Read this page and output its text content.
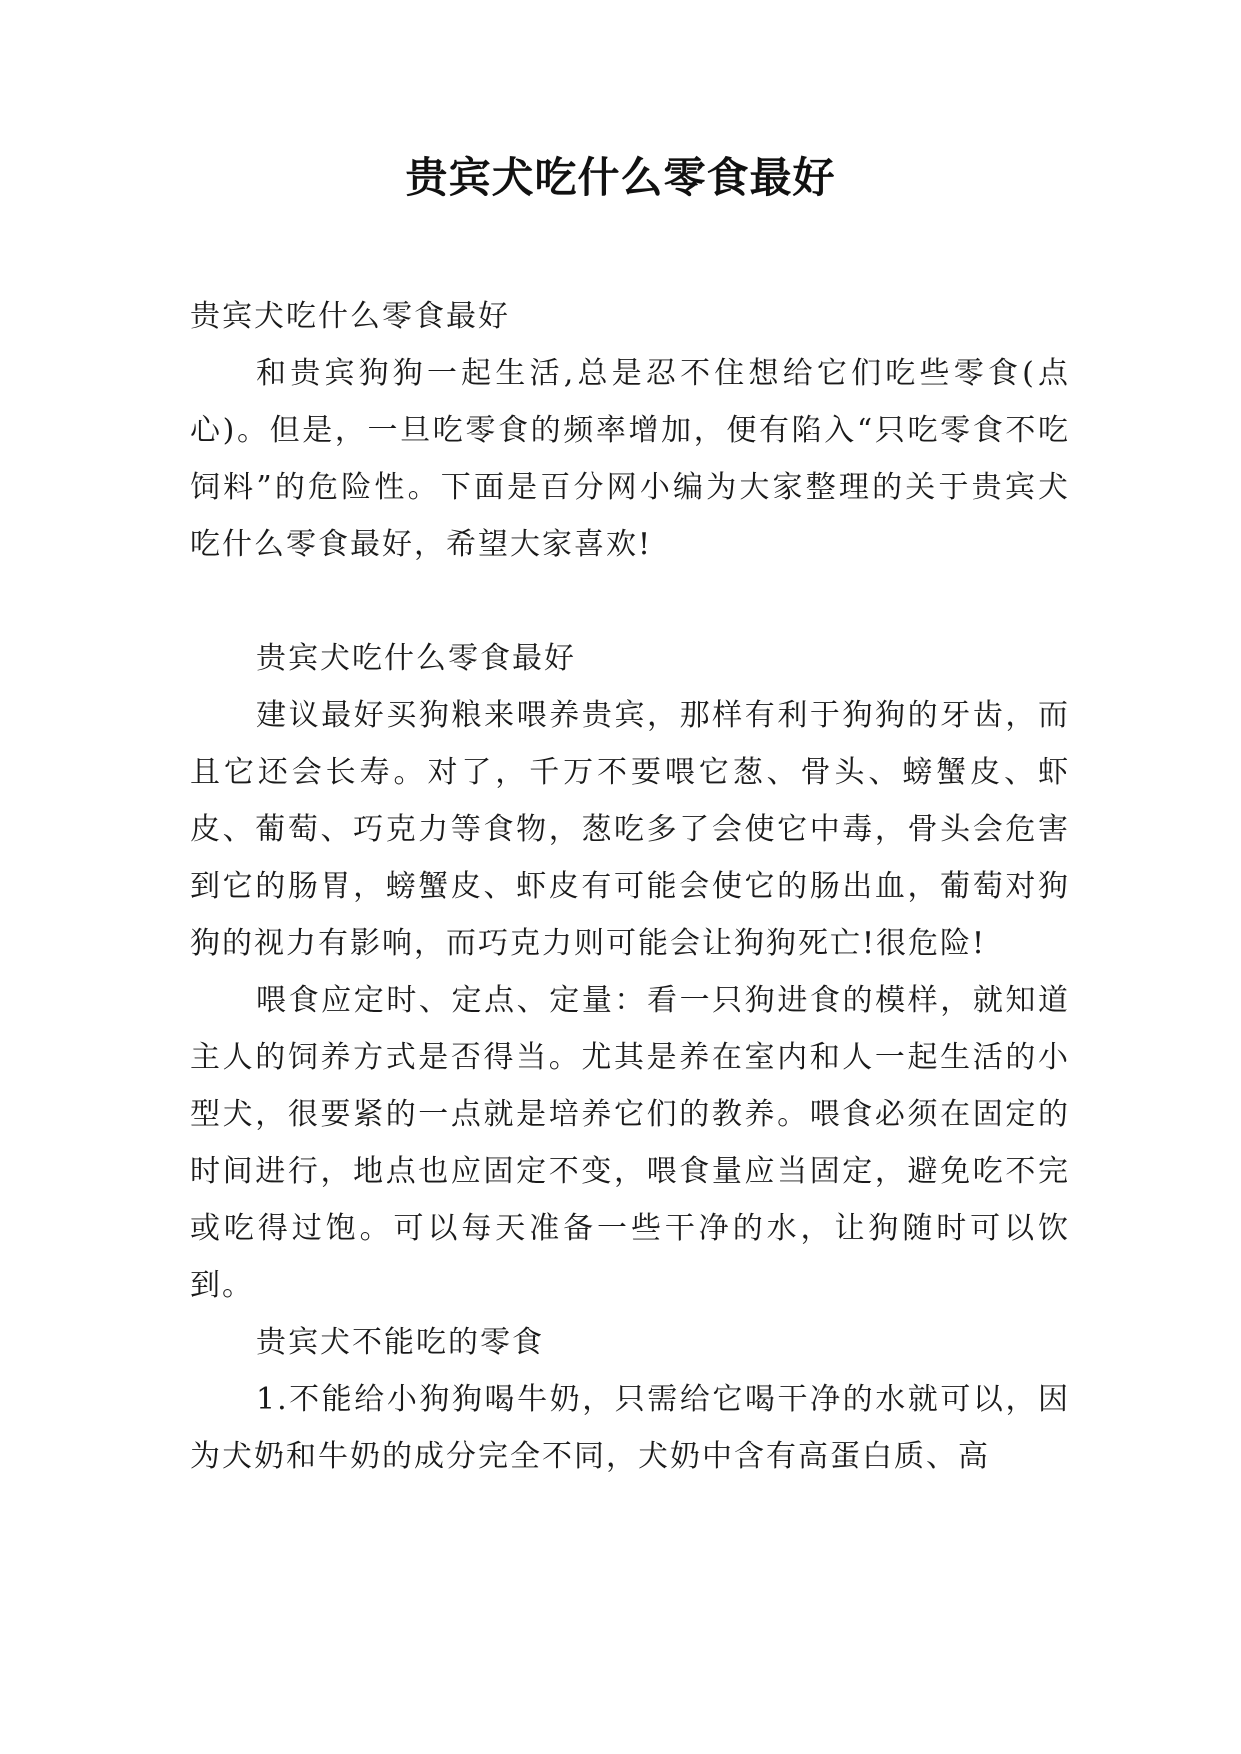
贵宾犬吃什么零食最好

贵宾犬吃什么零食最好

和贵宾狗狗一起生活,总是忍不住想给它们吃些零食(点心)。但是，一旦吃零食的频率增加，便有陷入“只吃零食不吃饲料”的危险性。下面是百分网小编为大家整理的关于贵宾犬吃什么零食最好，希望大家喜欢!

贵宾犬吃什么零食最好

建议最好买狗粮来喂养贵宾，那样有利于狗狗的牙齿，而且它还会长寿。对了，千万不要喂它葱、骨头、螃蟹皮、虾皮、葡萄、巧克力等食物，葱吃多了会使它中毒，骨头会危害到它的肠胃，螃蟹皮、虾皮有可能会使它的肠出血，葡萄对狗狗的视力有影响，而巧克力则可能会让狗狗死亡!很危险!

喂食应定时、定点、定量：看一只狗进食的模样，就知道主人的饲养方式是否得当。尤其是养在室内和人一起生活的小型犬，很要紧的一点就是培养它们的教养。喂食必须在固定的时间进行，地点也应固定不变，喂食量应当固定，避免吃不完或吃得过饱。可以每天准备一些干净的水，让狗随时可以饮到。

贵宾犬不能吃的零食

1.不能给小狗狗喝牛奶，只需给它喝干净的水就可以，因为犬奶和牛奶的成分完全不同，犬奶中含有高蛋白质、高
